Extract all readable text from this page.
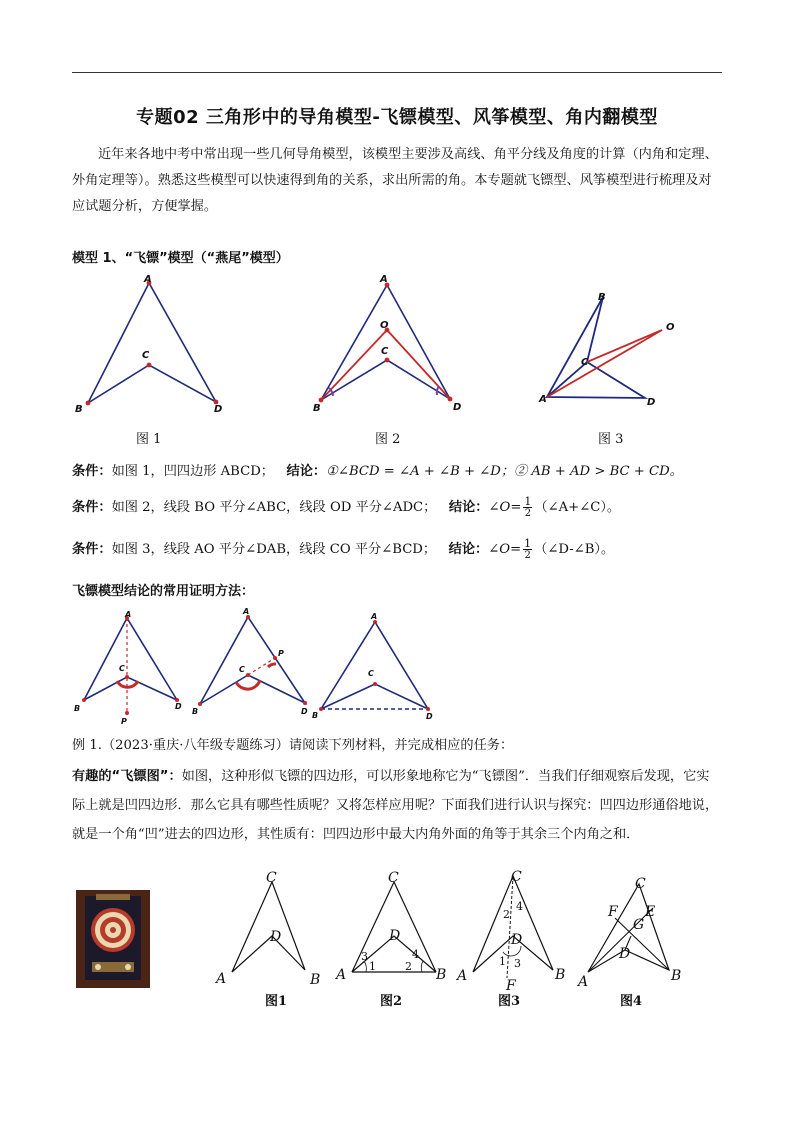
专题02 三角形中的导角模型-飞镖模型、风筝模型、角内翻模型
近年来各地中考中常出现一些几何导角模型，该模型主要涉及高线、角平分线及角度的计算（内角和定理、外角定理等）。熟悉这些模型可以快速得到角的关系，求出所需的角。本专题就飞镖型、风筝模型进行梳理及对应试题分析，方便掌握。
模型 1、“飞镖”模型（“燕尾”模型）
A
B
C
D
图 1
A
B
C
D
O
图 2
B
O
C
A	D
图 3
条件：如图 1，凹四边形 ABCD； 结论：①∠BCD = ∠A + ∠B + ∠D；② AB + AD > BC + CD。
条件：如图 2，线段 BO 平分∠ABC，线段 OD 平分∠ADC； 结论：∠O= $\frac{1}{2}$ （∠A+∠C）。
条件：如图 3，线段 AO 平分∠DAB，线段 CO 平分∠BCD； 结论：∠O= $\frac{1}{2}$ （∠D-∠B）。
飞镖模型结论的常用证明方法：
A
C
B	D
P
A
P
C
B	D
A
C
B	D
例 1.（2023·重庆·八年级专题练习）请阅读下列材料，并完成相应的任务：
有趣的“飞镖图”：如图，这种形似飞镖的四边形，可以形象地称它为“飞镖图”．当我们仔细观察后发现，它实际上就是凹四边形．那么它具有哪些性质呢？又将怎样应用呢？下面我们进行认识与探究：凹四边形通俗地说，就是一个角“凹”进去的四边形，其性质有：凹四边形中最大内角外面的角等于其余三个内角之和．
C
D
A	B
图1
C
D
A	B
3	4
1	2
图2
C
D
A	B
F
2
4
1 3
图3
C
E
F
G
D
A	B
图4
